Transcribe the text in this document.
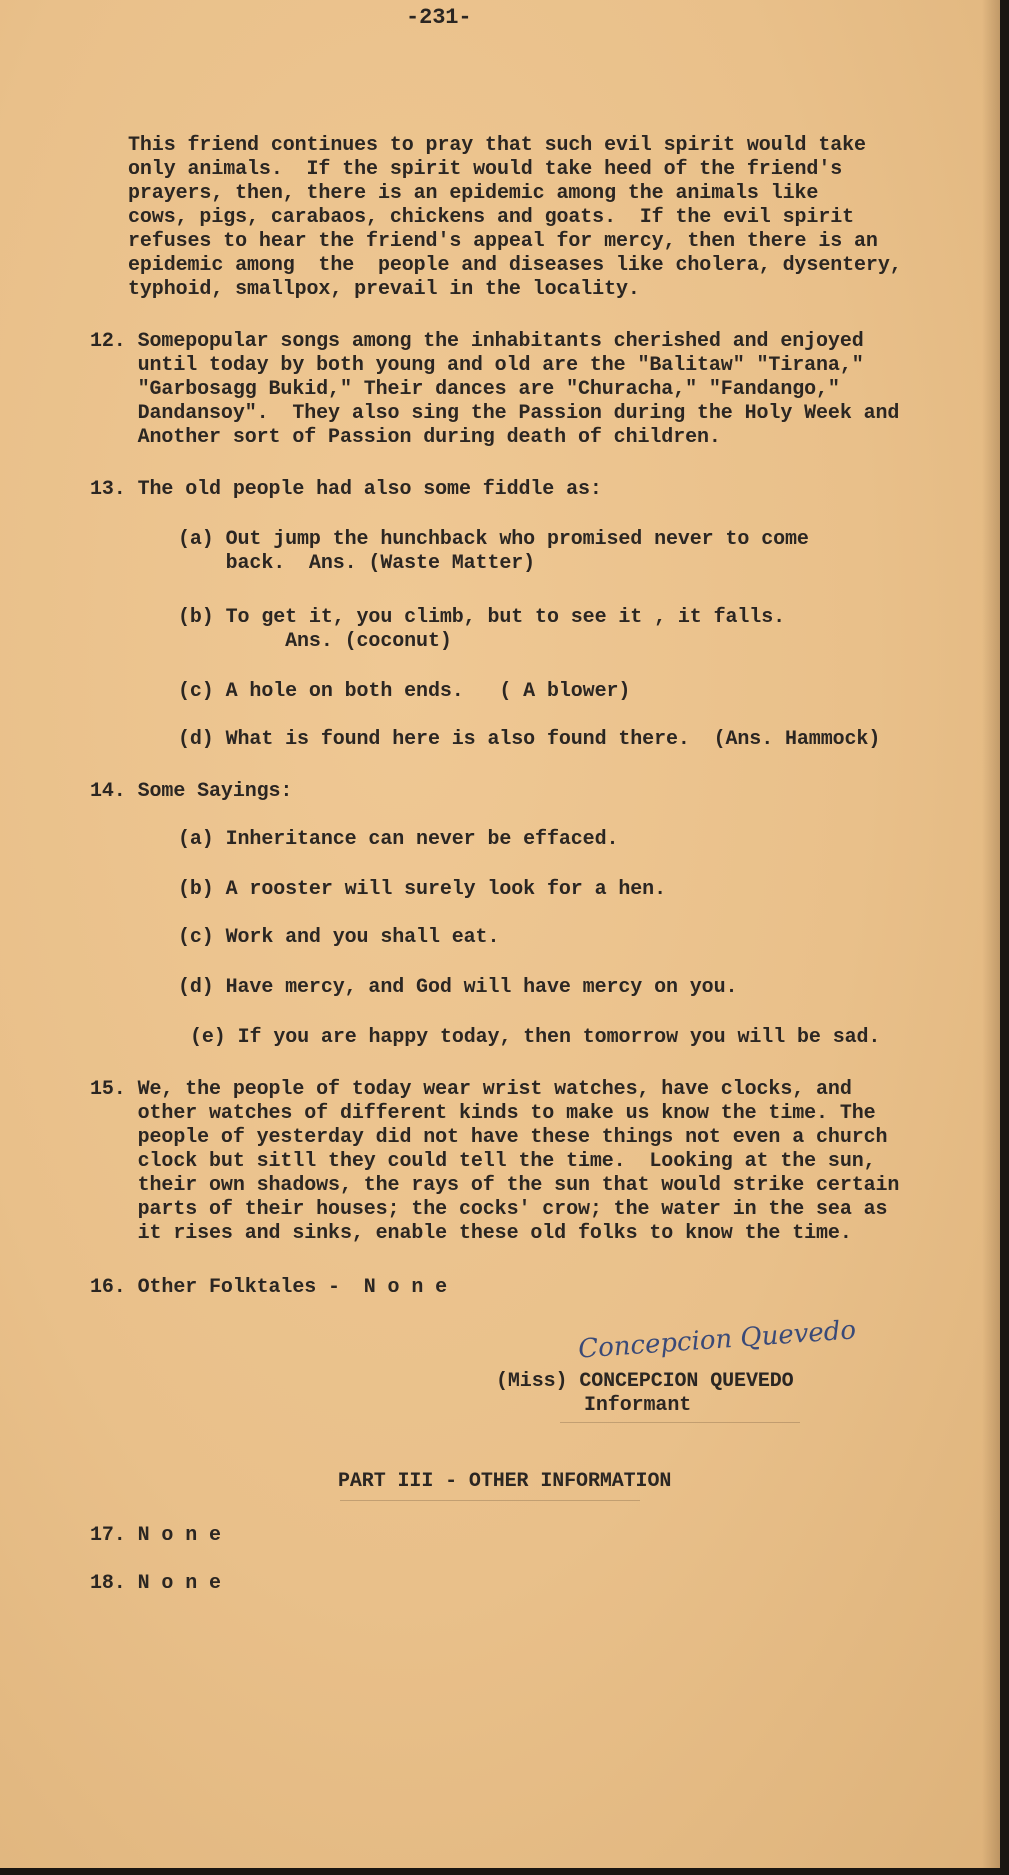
-231-
This friend continues to pray that such evil spirit would take
only animals.  If the spirit would take heed of the friend's
prayers, then, there is an epidemic among the animals like
cows, pigs, carabaos, chickens and goats.  If the evil spirit
refuses to hear the friend's appeal for mercy, then there is an
epidemic among  the  people and diseases like cholera, dysentery,
typhoid, smallpox, prevail in the locality.
12. Somepopular songs among the inhabitants cherished and enjoyed
until today by both young and old are the "Balitaw" "Tirana,"
"Garbosagg Bukid," Their dances are "Churacha," "Fandango,"
Dandansoy".  They also sing the Passion during the Holy Week and
Another sort of Passion during death of children.
13. The old people had also some fiddle as:
(a) Out jump the hunchback who promised never to come
back.  Ans. (Waste Matter)
(b) To get it, you climb, but to see it , it falls.
Ans. (coconut)
(c) A hole on both ends.   ( A blower)
(d) What is found here is also found there.  (Ans. Hammock)
14. Some Sayings:
(a) Inheritance can never be effaced.
(b) A rooster will surely look for a hen.
(c) Work and you shall eat.
(d) Have mercy, and God will have mercy on you.
(e) If you are happy today, then tomorrow you will be sad.
15. We, the people of today wear wrist watches, have clocks, and
other watches of different kinds to make us know the time. The
people of yesterday did not have these things not even a church
clock but sitll they could tell the time.  Looking at the sun,
their own shadows, the rays of the sun that would strike certain
parts of their houses; the cocks' crow; the water in the sea as
it rises and sinks, enable these old folks to know the time.
16. Other Folktales -  N o n e
Concepcion Quevedo
(Miss) CONCEPCION QUEVEDO
Informant
PART III - OTHER INFORMATION
17. N o n e
18. N o n e
